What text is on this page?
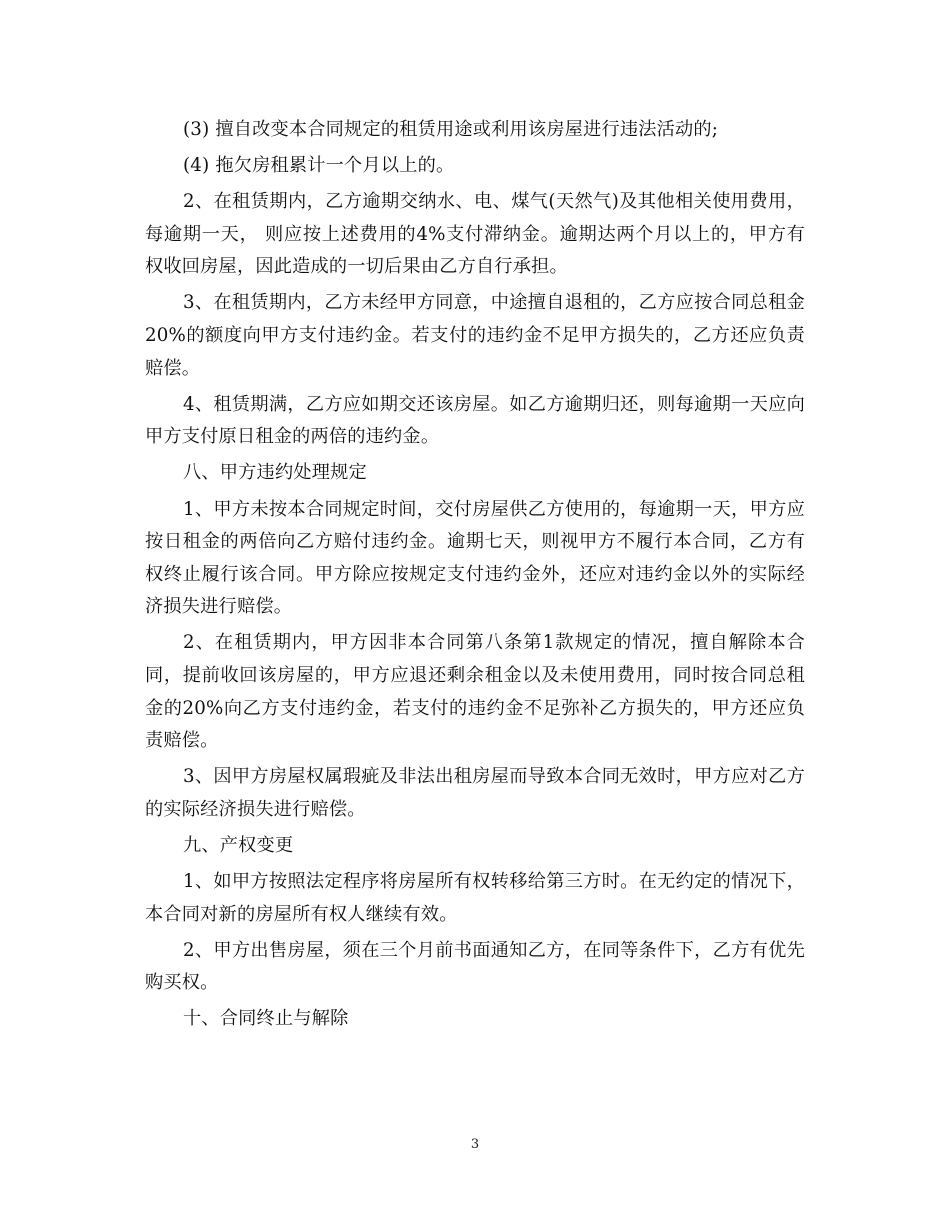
(3) 擅自改变本合同规定的租赁用途或利用该房屋进行违法活动的;

(4) 拖欠房租累计一个月以上的。

2、在租赁期内，乙方逾期交纳水、电、煤气(天然气)及其他相关使用费用，每逾期一天， 则应按上述费用的4%支付滞纳金。逾期达两个月以上的，甲方有权收回房屋，因此造成的一切后果由乙方自行承担。

3、在租赁期内，乙方未经甲方同意，中途擅自退租的，乙方应按合同总租金20%的额度向甲方支付违约金。若支付的违约金不足甲方损失的，乙方还应负责赔偿。

4、租赁期满，乙方应如期交还该房屋。如乙方逾期归还，则每逾期一天应向甲方支付原日租金的两倍的违约金。

八、甲方违约处理规定

1、甲方未按本合同规定时间，交付房屋供乙方使用的，每逾期一天，甲方应按日租金的两倍向乙方赔付违约金。逾期七天，则视甲方不履行本合同，乙方有权终止履行该合同。甲方除应按规定支付违约金外，还应对违约金以外的实际经济损失进行赔偿。

2、在租赁期内，甲方因非本合同第八条第1款规定的情况，擅自解除本合同，提前收回该房屋的，甲方应退还剩余租金以及未使用费用，同时按合同总租金的20%向乙方支付违约金，若支付的违约金不足弥补乙方损失的，甲方还应负责赔偿。

3、因甲方房屋权属瑕疵及非法出租房屋而导致本合同无效时，甲方应对乙方的实际经济损失进行赔偿。

九、产权变更

1、如甲方按照法定程序将房屋所有权转移给第三方时。在无约定的情况下，本合同对新的房屋所有权人继续有效。

2、甲方出售房屋，须在三个月前书面通知乙方，在同等条件下，乙方有优先购买权。

十、合同终止与解除

3
